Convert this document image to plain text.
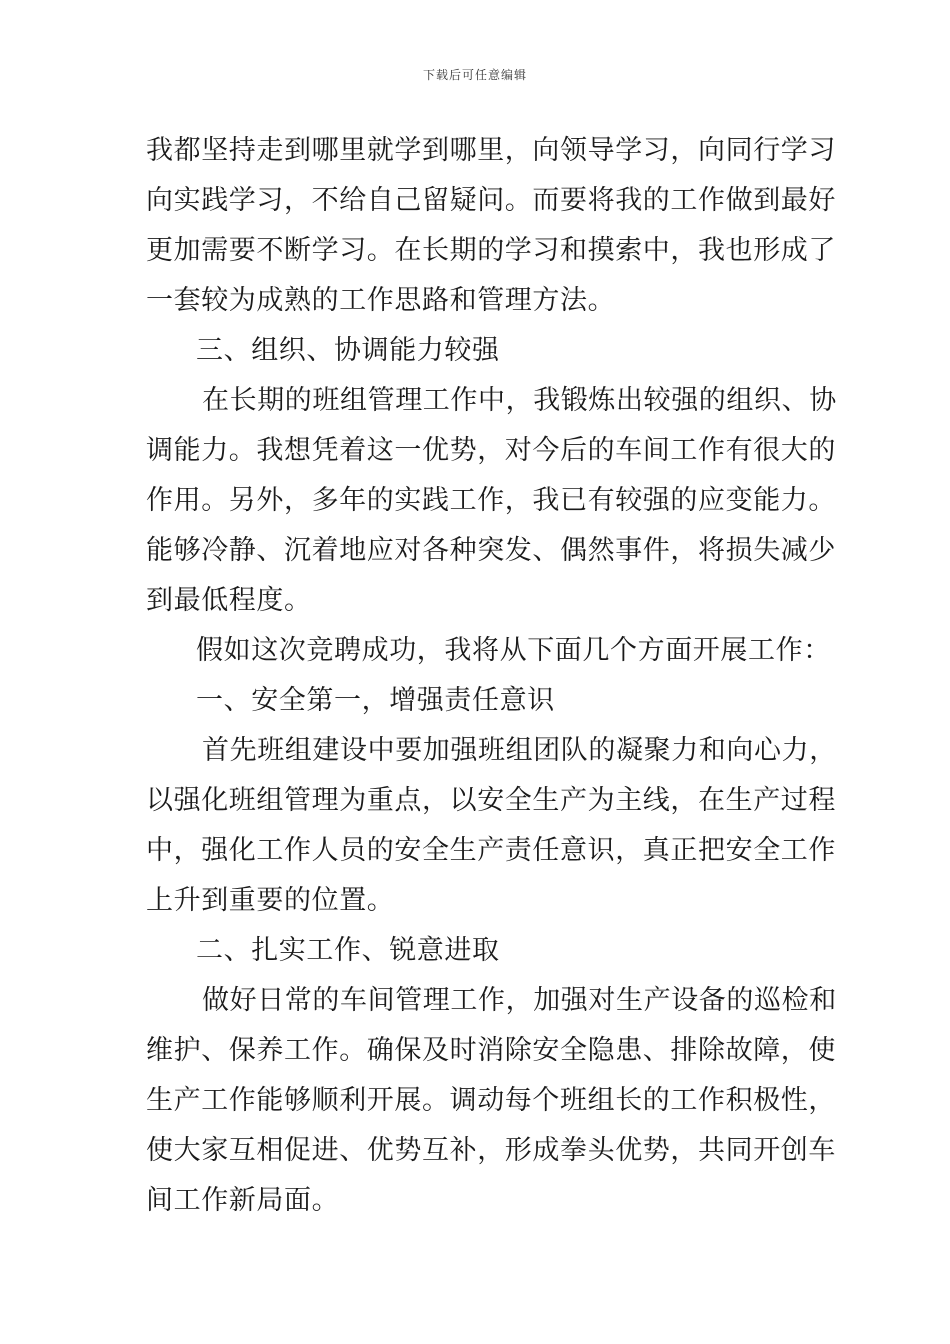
下载后可任意编辑
我都坚持走到哪里就学到哪里，向领导学习，向同行学习
向实践学习，不给自己留疑问。而要将我的工作做到最好
更加需要不断学习。在长期的学习和摸索中，我也形成了
一套较为成熟的工作思路和管理方法。
三、组织、协调能力较强
在长期的班组管理工作中，我锻炼出较强的组织、协
调能力。我想凭着这一优势，对今后的车间工作有很大的
作用。另外，多年的实践工作，我已有较强的应变能力。
能够冷静、沉着地应对各种突发、偶然事件，将损失减少
到最低程度。
假如这次竞聘成功，我将从下面几个方面开展工作：
一、安全第一，增强责任意识
首先班组建设中要加强班组团队的凝聚力和向心力，
以强化班组管理为重点，以安全生产为主线，在生产过程
中，强化工作人员的安全生产责任意识，真正把安全工作
上升到重要的位置。
二、扎实工作、锐意进取
做好日常的车间管理工作，加强对生产设备的巡检和
维护、保养工作。确保及时消除安全隐患、排除故障，使
生产工作能够顺利开展。调动每个班组长的工作积极性，
使大家互相促进、优势互补，形成拳头优势，共同开创车
间工作新局面。
